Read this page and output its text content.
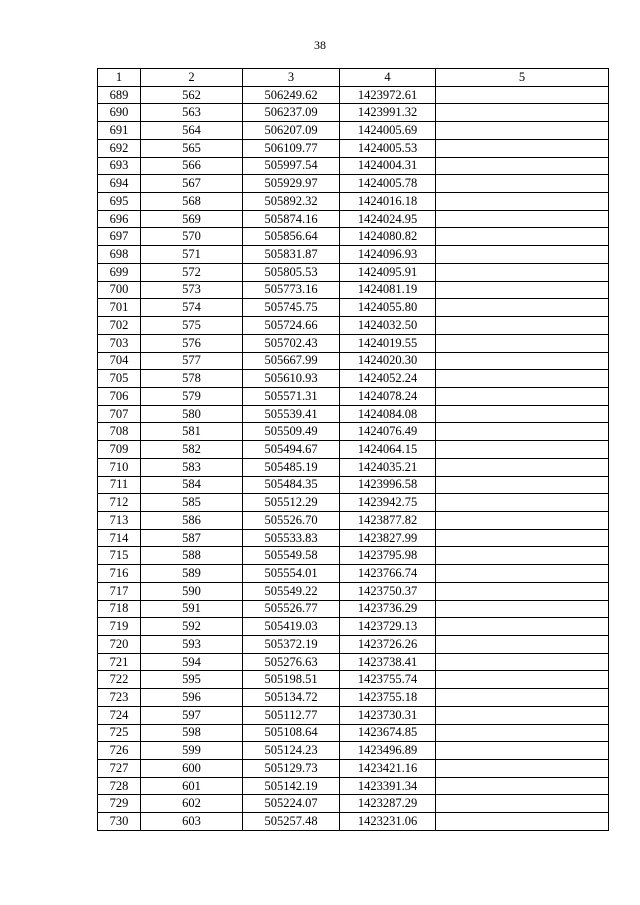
38
1	2	3	4	5
689	562	506249.62	1423972.61	
690	563	506237.09	1423991.32	
691	564	506207.09	1424005.69	
692	565	506109.77	1424005.53	
693	566	505997.54	1424004.31	
694	567	505929.97	1424005.78	
695	568	505892.32	1424016.18	
696	569	505874.16	1424024.95	
697	570	505856.64	1424080.82	
698	571	505831.87	1424096.93	
699	572	505805.53	1424095.91	
700	573	505773.16	1424081.19	
701	574	505745.75	1424055.80	
702	575	505724.66	1424032.50	
703	576	505702.43	1424019.55	
704	577	505667.99	1424020.30	
705	578	505610.93	1424052.24	
706	579	505571.31	1424078.24	
707	580	505539.41	1424084.08	
708	581	505509.49	1424076.49	
709	582	505494.67	1424064.15	
710	583	505485.19	1424035.21	
711	584	505484.35	1423996.58	
712	585	505512.29	1423942.75	
713	586	505526.70	1423877.82	
714	587	505533.83	1423827.99	
715	588	505549.58	1423795.98	
716	589	505554.01	1423766.74	
717	590	505549.22	1423750.37	
718	591	505526.77	1423736.29	
719	592	505419.03	1423729.13	
720	593	505372.19	1423726.26	
721	594	505276.63	1423738.41	
722	595	505198.51	1423755.74	
723	596	505134.72	1423755.18	
724	597	505112.77	1423730.31	
725	598	505108.64	1423674.85	
726	599	505124.23	1423496.89	
727	600	505129.73	1423421.16	
728	601	505142.19	1423391.34	
729	602	505224.07	1423287.29	
730	603	505257.48	1423231.06	
